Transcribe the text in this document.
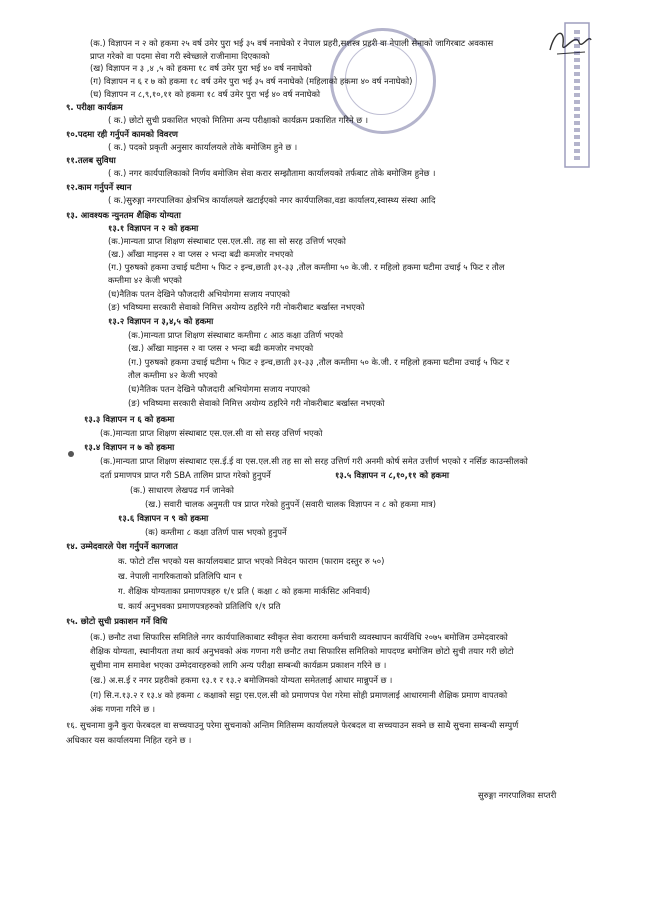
(क.) विज्ञापन न २ को हकमा २५ वर्ष उमेर पुरा भई ३५ वर्ष ननाघेको र नेपाल प्रहरी,सशस्त्र प्रहरी वा नेपाली सेनाको जागिरबाट अवकास
प्राप्त गरेको वा पदमा सेवा गरी स्वेच्छाले राजीनामा दिएकाको
(ख) विज्ञापन न ३ ,४ ,५ को हकमा १८ वर्ष उमेर पुरा भई ४० वर्ष ननाघेको
(ग) विज्ञापन न ६ र ७ को हकमा १८ वर्ष उमेर पुरा भई ३५ वर्ष ननाघेको (महिलाको हकमा ४० वर्ष ननाघेको)
(घ) विज्ञापन न ८,९,१०,११ को हकमा १८ वर्ष उमेर पुरा भई ४० वर्ष ननाघेको
९. परीक्षा कार्यक्रम
( क.) छोटो सुची प्रकाशित भएको मितिमा अन्य परीक्षाको कार्यक्रम प्रकाशित गरिने छ ।
१०.पदमा रही गर्नुपर्ने कामको विवरण
( क.) पदको प्रकृती अनुसार कार्यालयले तोके बमोजिम हुने छ ।
११.तलब सुविधा
( क.) नगर कार्यपालिकाको निर्णय बमोजिम सेवा करार सम्झौतामा कार्यालयको तर्फबाट तोके बमोजिम हुनेछ ।
१२.काम गर्नुपर्ने स्थान
( क.)सुरुङ्गा नगरपालिका क्षेत्रभित्र कार्यालयले खटाईएको नगर कार्यपालिका,वडा कार्यालय,स्वास्थ्य संस्था आदि
१३. आवश्यक न्युनतम शैक्षिक योग्यता
१३.१ विज्ञापन न २ को हकमा
(क.)मान्यता प्राप्त शिक्षण संस्थाबाट एस.एल.सी. तह सा सो सरह उत्तिर्ण भएको
(ख.) आँखा माइनस २ वा प्लस २ भन्दा बढी कमजोर नभएको
(ग.) पुरुषको हकमा उचाई घटीमा ५ फिट २ इन्च,छाती ३१-३३ ,तौल कम्तीमा ५० के.जी. र महिलो हकमा घटीमा उचाई ५ फिट र तौल
कम्तीमा ४२ केजी भएको
(घ)नैतिक पतन देखिने फौजदारी अभियोगमा सजाय नपाएको
(ङ) भविष्यमा सरकारी सेवाको निमित्त अयोग्य ठहरिने गरी नोकरीबाट बर्खास्त नभएको
१३.२ विज्ञापन न ३,४,५ को हकमा
(क.)मान्यता प्राप्त शिक्षण संस्थाबाट कम्तीमा ८ आठ कक्षा उतिर्ण भएको
(ख.) आँखा माइनस २ वा प्लस २ भन्दा बढी कमजोर नभएको
(ग.) पुरुषको हकमा उचाई घटीमा ५ फिट २ इन्च,छाती ३१-३३ ,तौल कम्तीमा ५० के.जी. र महिलो हकमा घटीमा उचाई ५ फिट र
तौल कम्तीमा ४२ केजी भएको
(घ)नैतिक पतन देखिने फौजदारी अभियोगमा सजाय नपाएको
(ङ) भविष्यमा सरकारी सेवाको निमित्त अयोग्य ठहरिने गरी नोकरीबाट बर्खास्त नभएको
१३.३ विज्ञापन न ६ को हकमा
(क.)मान्यता प्राप्त शिक्षण संस्थाबाट एस.एल.सी वा सो सरह उत्तिर्ण भएको
१३.४ विज्ञापन न ७ को हकमा
(क.)मान्यता प्राप्त शिक्षण संस्थाबाट एस.ई.ई वा एस.एल.सी तह सा सो सरह उत्तिर्ण गरी अनमी कोर्ष समेत उत्तीर्ण भएको र नर्सिङ काउन्सीलको
दर्ता प्रमाणपत्र प्राप्त गरी SBA तालिम प्राप्त गरेको हुनुपर्ने	१३.५ विज्ञापन न ८,१०,११ को हकमा
(क.) साधारण लेखपढ गर्न जानेको
(ख.) सवारी चालक अनुमती पत्र प्राप्त गरेको हुनुपर्ने (सवारी चालक विज्ञापन न ८ को हकमा मात्र)
१३.६ विज्ञापन न ९ को हकमा
(क) कम्तीमा ८ कक्षा उतिर्ण पास भएको हुनुपर्ने
१४. उम्मेदवारले पेश गर्नुपर्ने कागजात
क. फोटो टाँस भएको यस कार्यालयबाट प्राप्त भएको निवेदन फाराम (फाराम दस्तुर रु ५०)
ख. नेपाली नागरिकताको प्रतिलिपि थान १
ग. शैक्षिक योग्यताका प्रमाणपत्रहरु १/१ प्रति ( कक्षा ८ को हकमा मार्कसिट अनिवार्य)
घ. कार्य अनुभवका प्रमाणपत्रहरुको प्रतिलिपि १/१ प्रति
१५. छोटो सुची प्रकाशन गर्ने विधि
(क.) छनौट तथा सिफारिस समितिले नगर कार्यपालिकाबाट स्वीकृत सेवा करारमा कर्मचारी व्यवस्थापन कार्यविधि २०७५ बमोजिम उम्मेदवारको
शैक्षिक योग्यता, स्थानीयता तथा कार्य अनुभवको अंक गणना गरी छनौट तथा सिफारिस समितिको मापदण्ड बमोजिम छोटो सुची तयार गरी छोटो
सुचीमा नाम समावेश भएका उम्मेदवारहरुको लागि अन्य परीक्षा सम्बन्धी कार्यक्रम प्रकाशन गरिने छ ।
(ख.) अ.स.ई र नगर प्रहरीको हकमा १३.१ र १३.२ बमोजिमको योग्यता समेतलाई आधार मान्नुपर्ने छ ।
(ग) सि.न.१३.२ र १३.४ को हकमा ८ कक्षाको सट्टा एस.एल.सी को प्रमाणपत्र पेश गरेमा सोही प्रमाणलाई आधारमानी शैक्षिक प्रमाण वापतको
अंक गणना गरिने छ ।
१६. सुचनामा कुनै कुरा फेरबदल वा सच्चयाउनु परेमा सुचनाको अन्तिम मितिसम्म कार्यालयले फेरबदल वा सच्चयाउन सक्ने छ साथै सुचना सम्बन्धी सम्पुर्ण
अधिकार यस कार्यालयमा निहित रहने छ ।
सुरुङ्गा नगरपालिका सप्तरी
